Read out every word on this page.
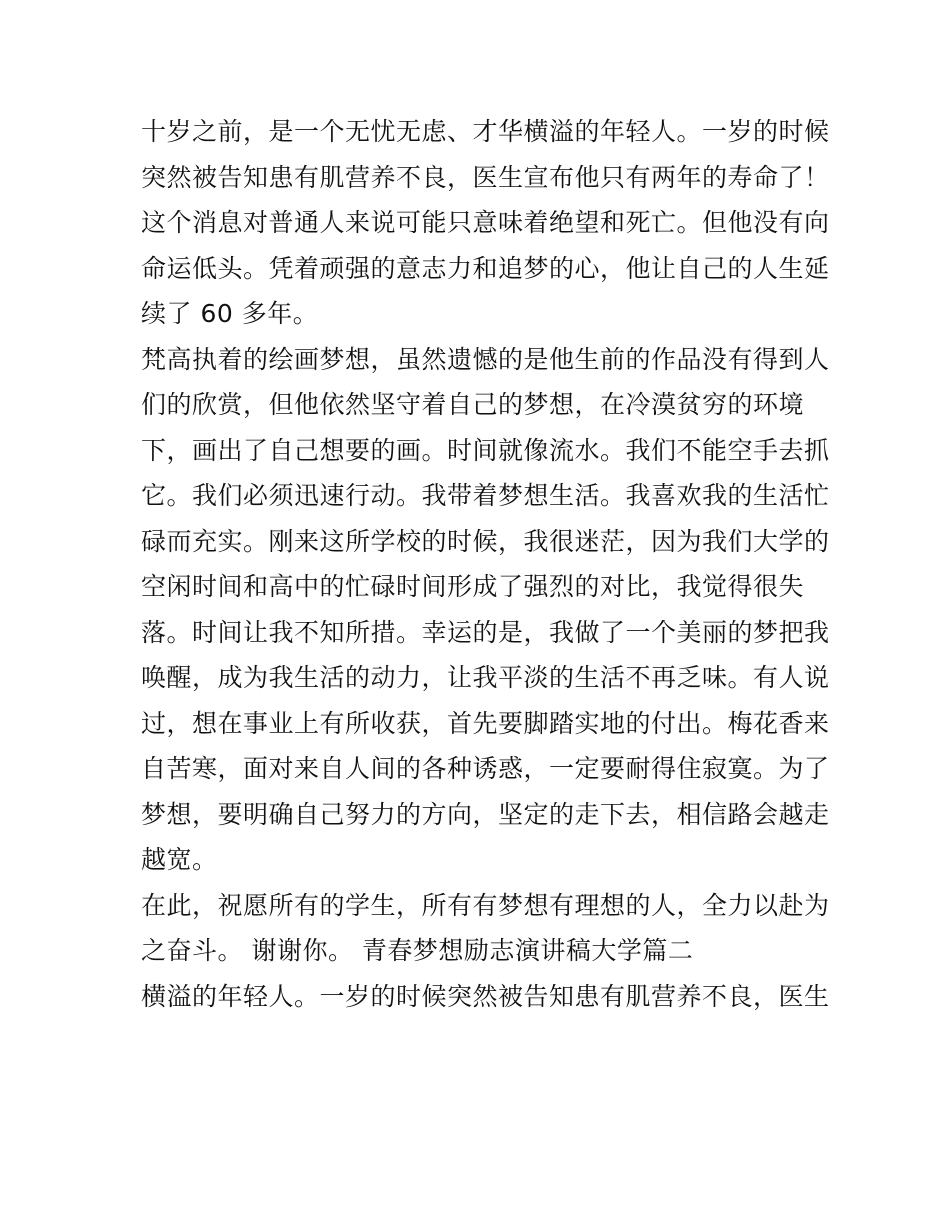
十岁之前，是一个无忧无虑、才华横溢的年轻人。一岁的时候
突然被告知患有肌营养不良，医生宣布他只有两年的寿命了！
这个消息对普通人来说可能只意味着绝望和死亡。但他没有向
命运低头。凭着顽强的意志力和追梦的心，他让自己的人生延
续了 60 多年。
梵高执着的绘画梦想，虽然遗憾的是他生前的作品没有得到人
们的欣赏，但他依然坚守着自己的梦想，在冷漠贫穷的环境
下，画出了自己想要的画。时间就像流水。我们不能空手去抓
它。我们必须迅速行动。我带着梦想生活。我喜欢我的生活忙
碌而充实。刚来这所学校的时候，我很迷茫，因为我们大学的
空闲时间和高中的忙碌时间形成了强烈的对比，我觉得很失
落。时间让我不知所措。幸运的是，我做了一个美丽的梦把我
唤醒，成为我生活的动力，让我平淡的生活不再乏味。有人说
过，想在事业上有所收获，首先要脚踏实地的付出。梅花香来
自苦寒，面对来自人间的各种诱惑，一定要耐得住寂寞。为了
梦想，要明确自己努力的方向，坚定的走下去，相信路会越走
越宽。
在此，祝愿所有的学生，所有有梦想有理想的人，全力以赴为
之奋斗。 谢谢你。 青春梦想励志演讲稿大学篇二
横溢的年轻人。一岁的时候突然被告知患有肌营养不良，医生
